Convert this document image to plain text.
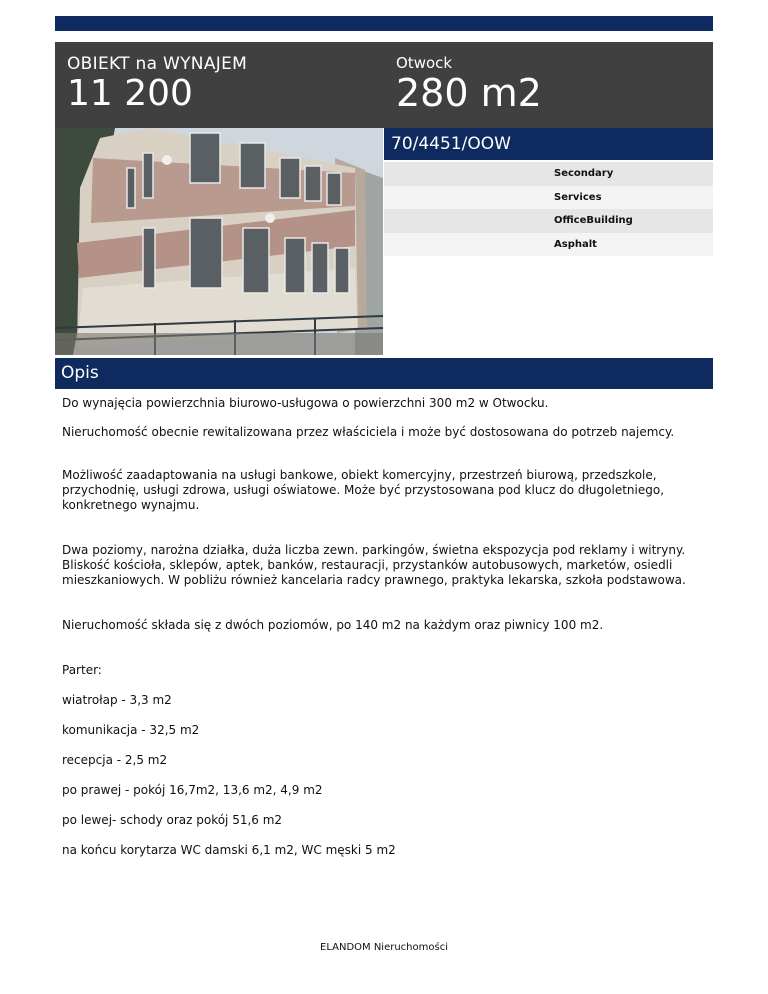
OBIEKT na WYNAJEM
11 200
Otwock
280 m2
70/4451/OOW
Secondary
Services
OfficeBuilding
Asphalt
Opis

Do wynajęcia powierzchnia biurowo-usługowa o powierzchni 300 m2 w Otwocku.

Nieruchomość obecnie rewitalizowana przez właściciela i może być dostosowana do potrzeb najemcy.

Możliwość zaadaptowania na usługi bankowe, obiekt komercyjny, przestrzeń biurową, przedszkole, przychodnię, usługi zdrowa, usługi oświatowe. Może być przystosowana pod klucz do długoletniego, konkretnego wynajmu.

Dwa poziomy, narożna działka, duża liczba zewn. parkingów, świetna ekspozycja pod reklamy i witryny. Bliskość kościoła, sklepów, aptek, banków, restauracji, przystanków autobusowych, marketów, osiedli mieszkaniowych. W pobliżu również kancelaria radcy prawnego, praktyka lekarska, szkoła podstawowa.

Nieruchomość składa się z dwóch poziomów, po 140 m2 na każdym oraz piwnicy 100 m2.

Parter:

wiatrołap - 3,3 m2

komunikacja - 32,5 m2

recepcja - 2,5 m2

po prawej - pokój 16,7m2, 13,6 m2, 4,9 m2

po lewej- schody oraz pokój 51,6 m2

na końcu korytarza WC damski 6,1 m2, WC męski 5 m2

ELANDOM Nieruchomości
